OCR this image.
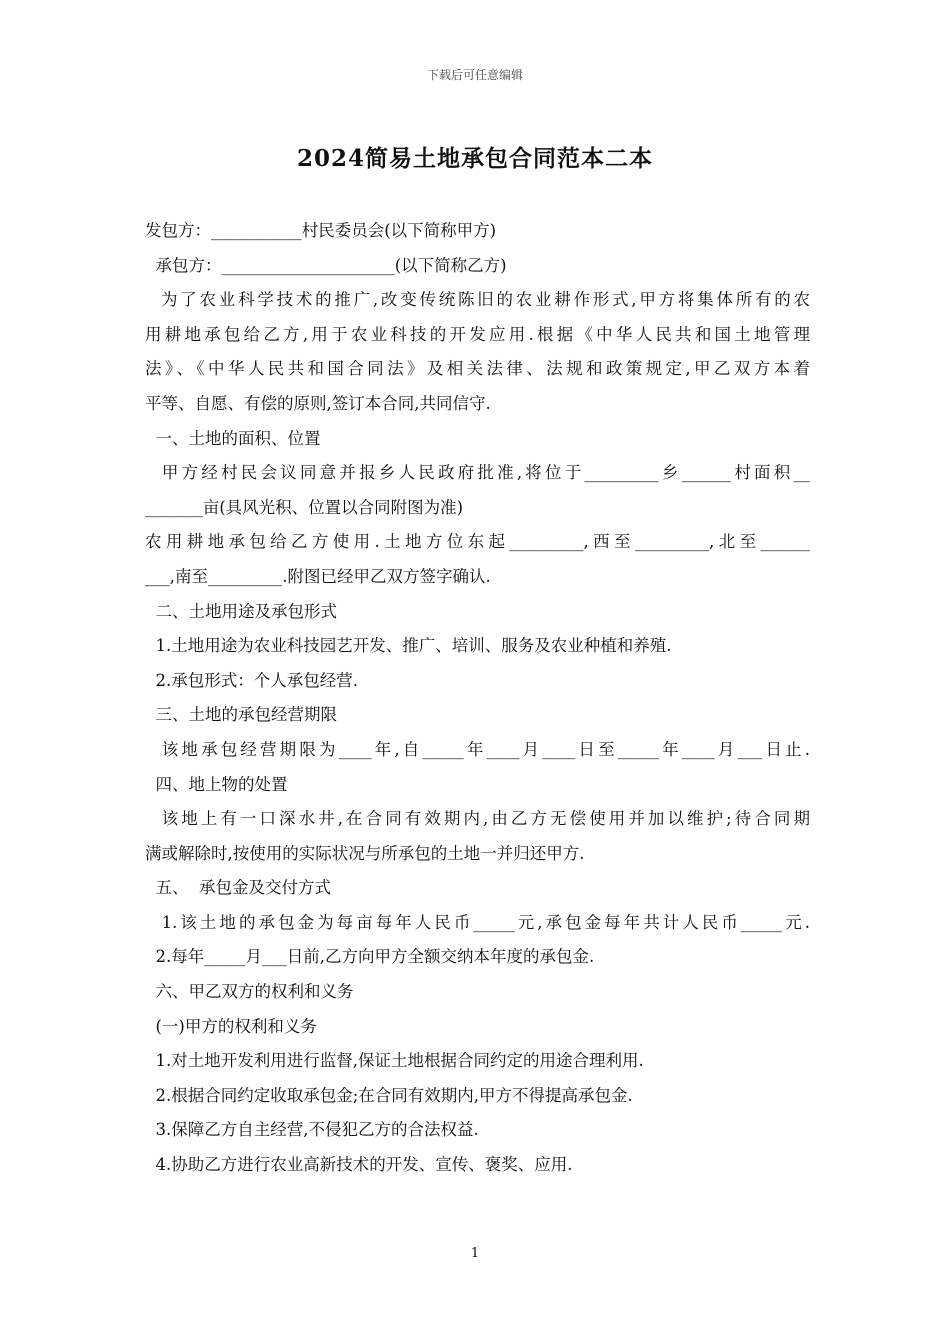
下载后可任意编辑
2024简易土地承包合同范本二本
发包方：___________村民委员会(以下简称甲方)
承包方：_____________________(以下简称乙方)
为了农业科学技术的推广,改变传统陈旧的农业耕作形式,甲方将集体所有的农
用耕地承包给乙方,用于农业科技的开发应用.根据《中华人民共和国土地管理
法》、《中华人民共和国合同法》及相关法律、法规和政策规定,甲乙双方本着
平等、自愿、有偿的原则,签订本合同,共同信守.
一、土地的面积、位置
甲方经村民会议同意并报乡人民政府批准,将位于_________乡______村面积__
_______亩(具风光积、位置以合同附图为准)
农用耕地承包给乙方使用.土地方位东起_________,西至_________,北至______
___,南至_________.附图已经甲乙双方签字确认.
二、土地用途及承包形式
1.土地用途为农业科技园艺开发、推广、培训、服务及农业种植和养殖.
2.承包形式：个人承包经营.
三、土地的承包经营期限
该地承包经营期限为____年,自_____年____月____日至_____年____月___日止.
四、地上物的处置
该地上有一口深水井,在合同有效期内,由乙方无偿使用并加以维护;待合同期
满或解除时,按使用的实际状况与所承包的土地一并归还甲方.
五、  承包金及交付方式
1.该土地的承包金为每亩每年人民币_____元,承包金每年共计人民币_____元.
2.每年_____月___日前,乙方向甲方全额交纳本年度的承包金.
六、甲乙双方的权利和义务
(一)甲方的权利和义务
1.对土地开发利用进行监督,保证土地根据合同约定的用途合理利用.
2.根据合同约定收取承包金;在合同有效期内,甲方不得提高承包金.
3.保障乙方自主经营,不侵犯乙方的合法权益.
4.协助乙方进行农业高新技术的开发、宣传、褒奖、应用.
1
